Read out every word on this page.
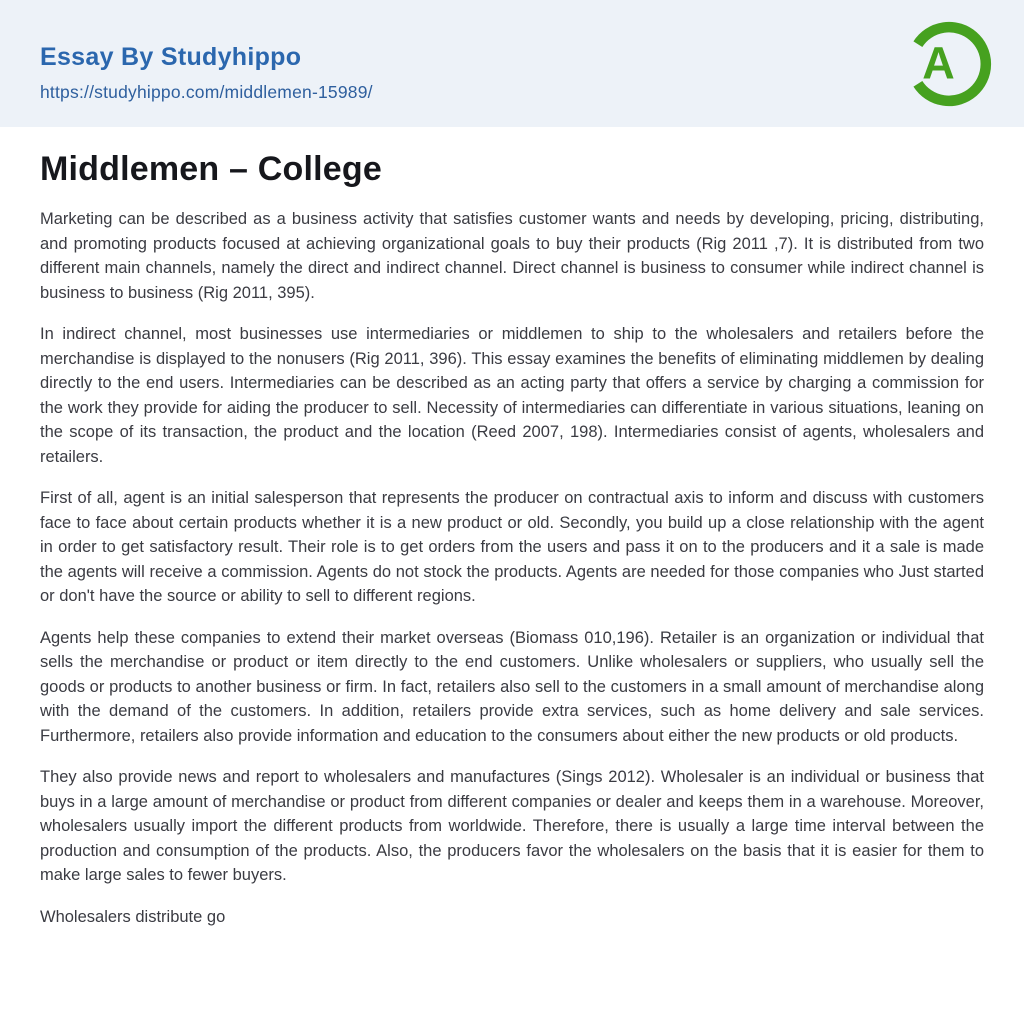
Essay By Studyhippo
https://studyhippo.com/middlemen-15989/
A
Middlemen – College

Marketing can be described as a business activity that satisfies customer wants and needs by developing, pricing, distributing, and promoting products focused at achieving organizational goals to buy their products (Rig 2011 ,7). It is distributed from two different main channels, namely the direct and indirect channel. Direct channel is business to consumer while indirect channel is business to business (Rig 2011, 395).

In indirect channel, most businesses use intermediaries or middlemen to ship to the wholesalers and retailers before the merchandise is displayed to the nonusers (Rig 2011, 396). This essay examines the benefits of eliminating middlemen by dealing directly to the end users. Intermediaries can be described as an acting party that offers a service by charging a commission for the work they provide for aiding the producer to sell. Necessity of intermediaries can differentiate in various situations, leaning on the scope of its transaction, the product and the location (Reed 2007, 198). Intermediaries consist of agents, wholesalers and retailers.

First of all, agent is an initial salesperson that represents the producer on contractual axis to inform and discuss with customers face to face about certain products whether it is a new product or old. Secondly, you build up a close relationship with the agent in order to get satisfactory result. Their role is to get orders from the users and pass it on to the producers and it a sale is made the agents will receive a commission. Agents do not stock the products. Agents are needed for those companies who Just started or don't have the source or ability to sell to different regions.

Agents help these companies to extend their market overseas (Biomass 010,196). Retailer is an organization or individual that sells the merchandise or product or item directly to the end customers. Unlike wholesalers or suppliers, who usually sell the goods or products to another business or firm. In fact, retailers also sell to the customers in a small amount of merchandise along with the demand of the customers. In addition, retailers provide extra services, such as home delivery and sale services. Furthermore, retailers also provide information and education to the consumers about either the new products or old products.

They also provide news and report to wholesalers and manufactures (Sings 2012). Wholesaler is an individual or business that buys in a large amount of merchandise or product from different companies or dealer and keeps them in a warehouse. Moreover, wholesalers usually import the different products from worldwide. Therefore, there is usually a large time interval between the production and consumption of the products. Also, the producers favor the wholesalers on the basis that it is easier for them to make large sales to fewer buyers.

Wholesalers distribute go
